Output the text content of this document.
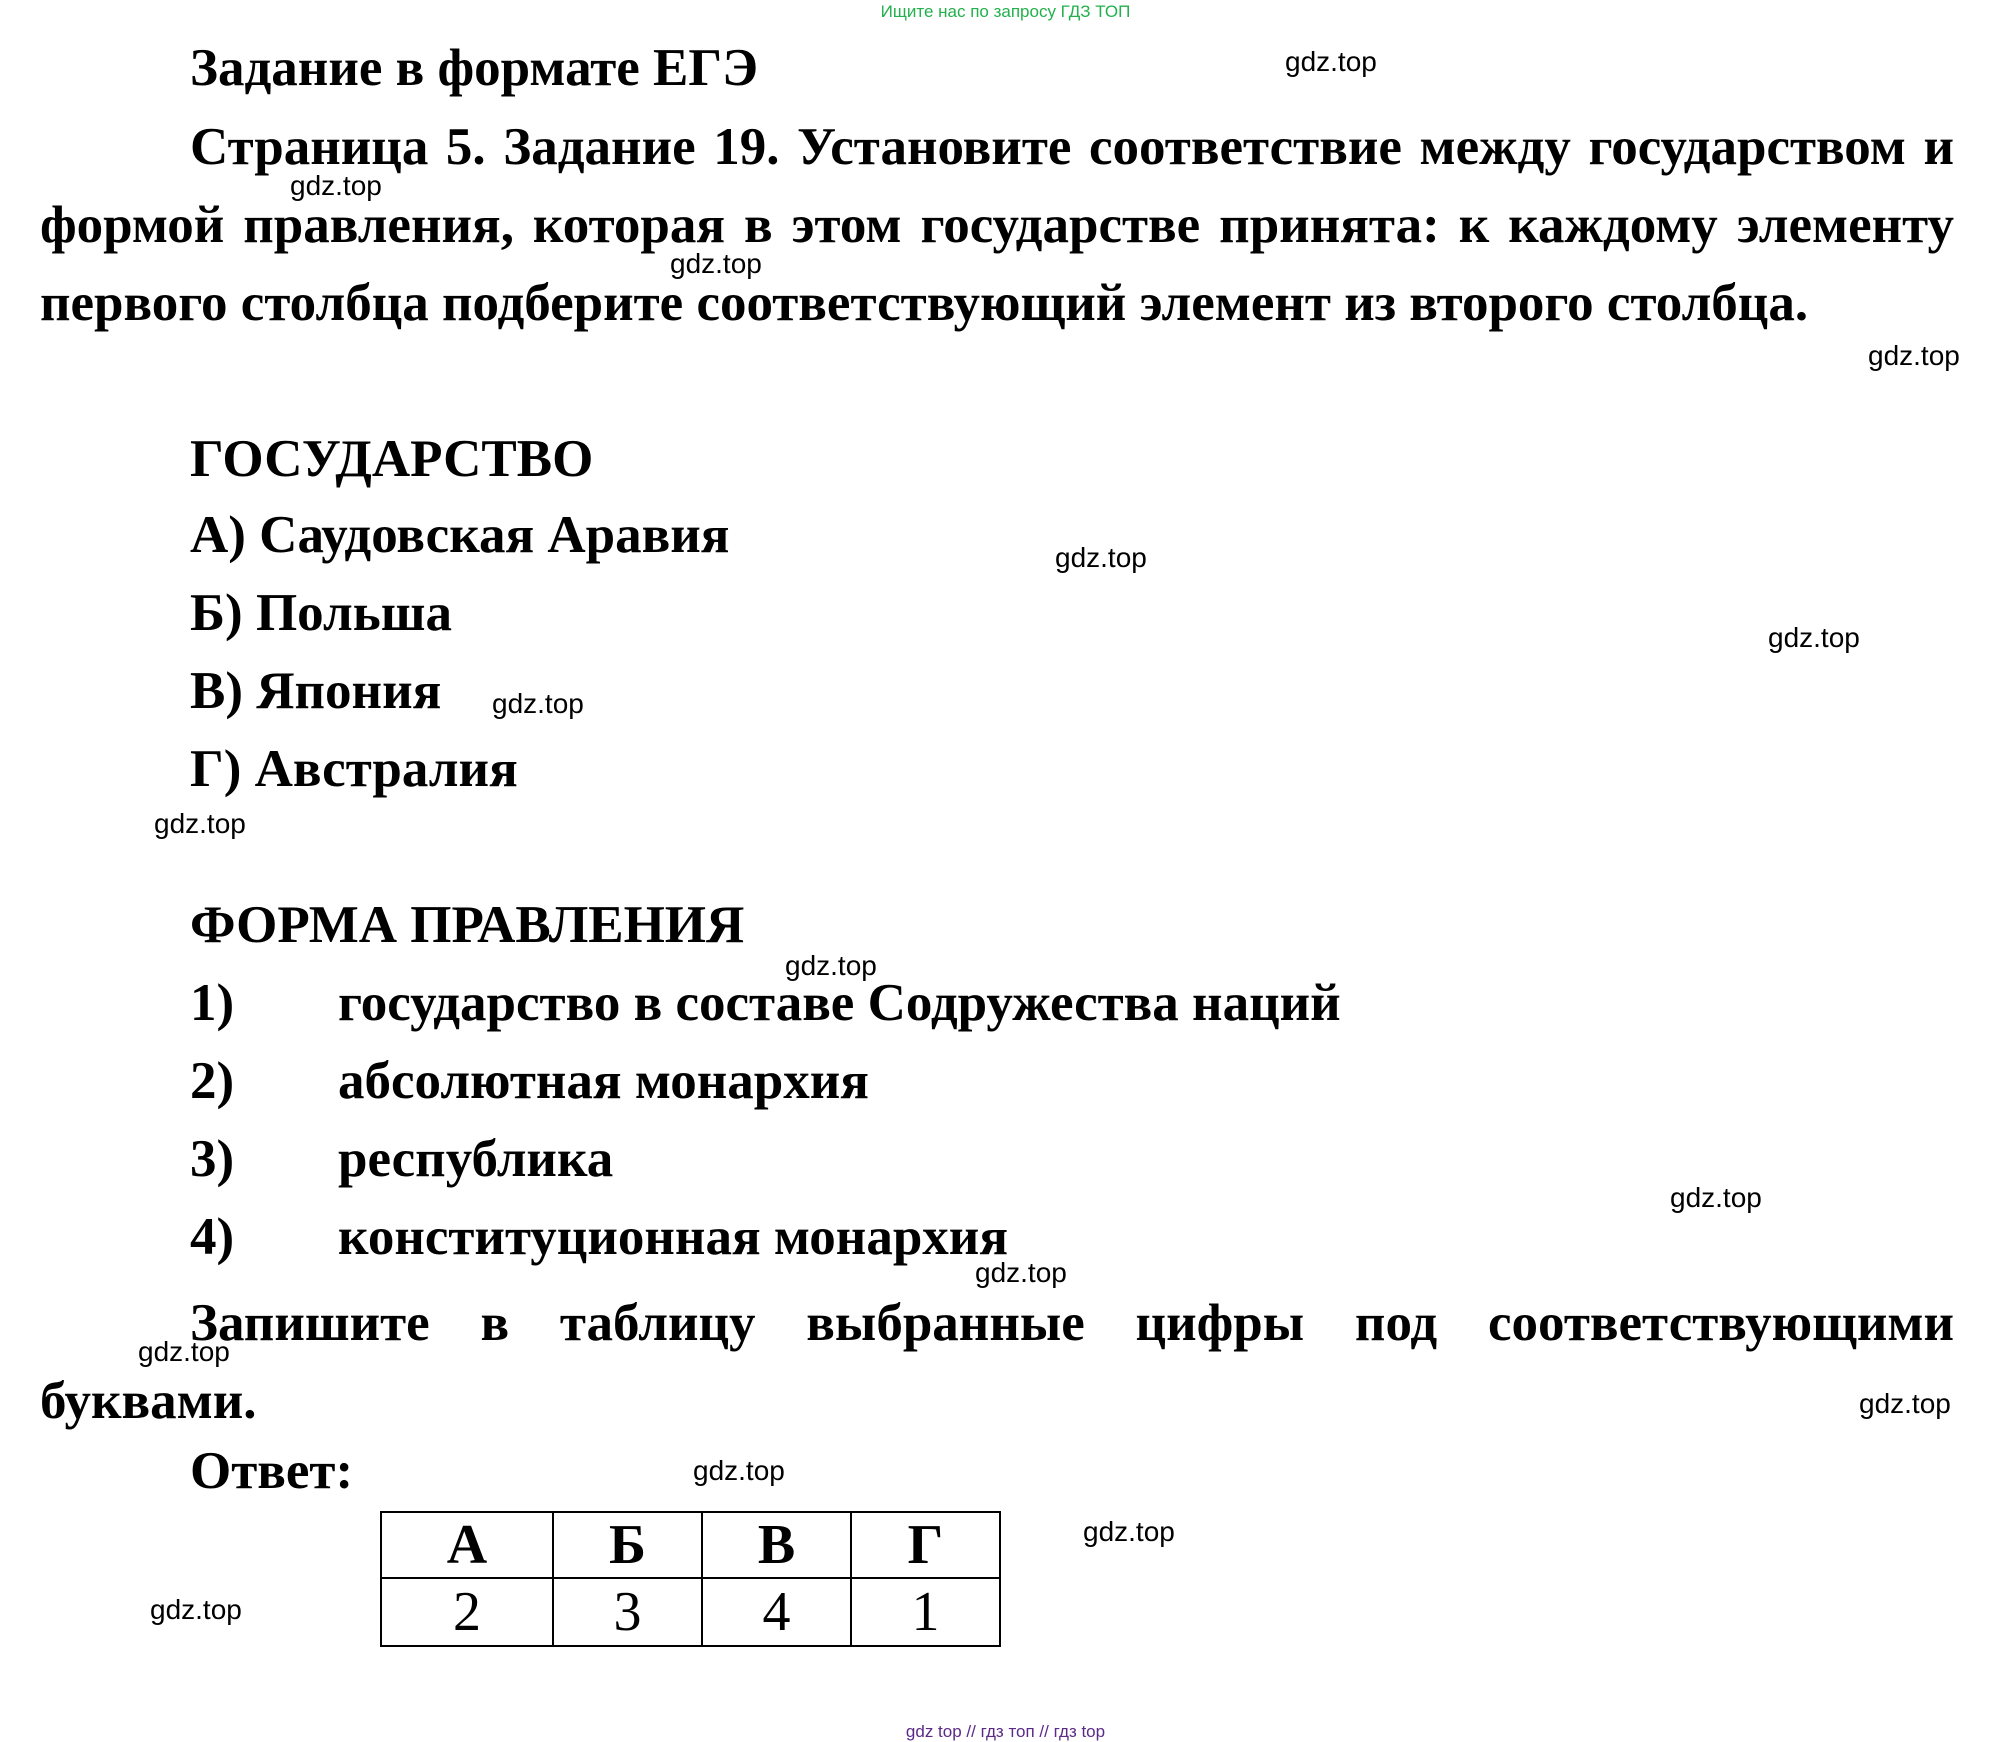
Ищите нас по запросу ГДЗ ТОП
Задание в формате ЕГЭ
Страница 5. Задание 19. Установите соответствие между государством и формой правления, которая в этом государстве принята: к каждому элементу первого столбца подберите соответствующий элемент из второго столбца.
ГОСУДАРСТВО
А) Саудовская Аравия
Б) Польша
В) Япония
Г) Австралия
ФОРМА ПРАВЛЕНИЯ
1) государство в составе Содружества наций
2) абсолютная монархия
3) республика
4) конституционная монархия
Запишите в таблицу выбранные цифры под соответствующими буквами.
Ответ:
А	Б	В	Г
2	3	4	1
gdz.top
gdz.top
gdz.top
gdz.top
gdz.top
gdz.top
gdz.top
gdz.top
gdz.top
gdz.top
gdz.top
gdz.top
gdz.top
gdz.top
gdz.top
gdz.top
gdz top // гдз топ // гдз top
